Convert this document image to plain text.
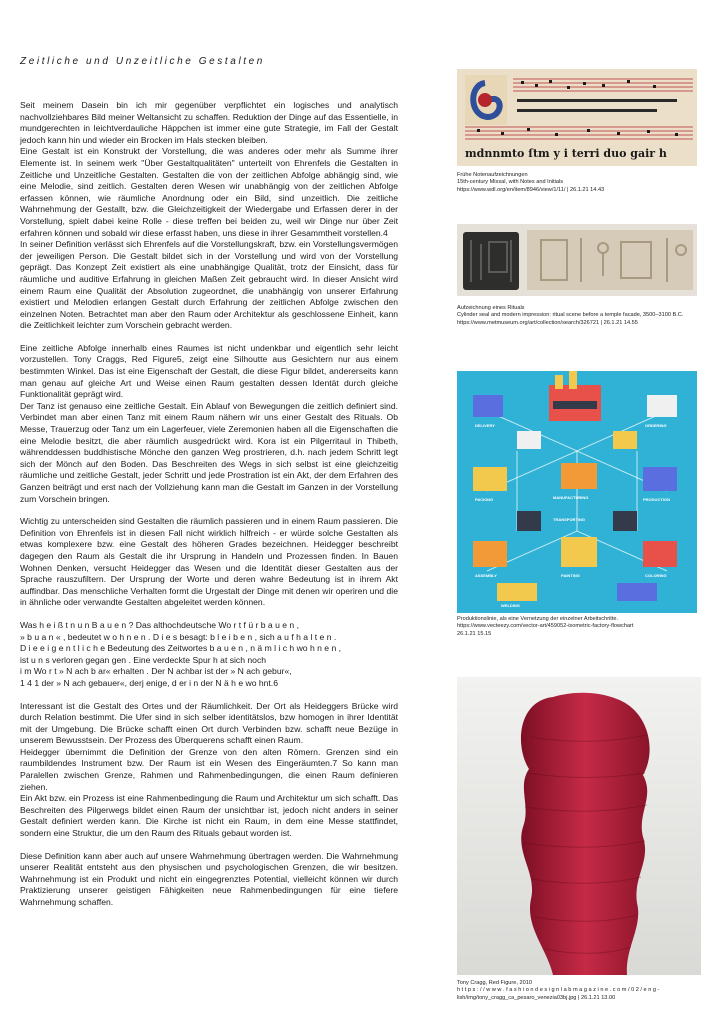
Zeitliche und Unzeitliche Gestalten

Seit meinem Dasein bin ich mir gegenüber verpflichtet ein logisches und analytisch nachvollziehbares Bild meiner Weltansicht zu schaffen. Reduktion der Dinge auf das Essentielle, in mundgerechten in leichtverdauliche Häppchen ist immer eine gute Strategie, im Fall der Gestalt jedoch kann hin und wieder ein Brocken im Hals stecken bleiben.

Eine Gestalt ist ein Konstrukt der Vorstellung, die was anderes oder mehr als Summe ihrer Elemente ist. In seinem werk "Über Gestaltqualitäten" unterteilt von Ehrenfels die Gestalten in Zeitliche und Unzeitliche Gestalten. Gestalten die von der zeitlichen Abfolge abhängig sind, wie eine Melodie, sind zeitlich. Gestalten deren Wesen wir unabhängig von der zeitlichen Abfolge erfassen können, wie räumliche Anordnung oder ein Bild, sind unzeitlich. Die zeitliche Wahrnehmung der Gestallt, bzw. die Gleichzeitigkeit der Wiedergabe und Erfassen derer in der Vorstellung, spielt dabei keine Rolle - diese treffen bei beiden zu, weil wir Dinge nur über Zeit erfahren können und sobald wir diese erfasst haben, uns diese in ihrer Gesammtheit vorstellen.4

In seiner Definition verlässt sich Ehrenfels auf die Vorstellungskraft, bzw. ein Vorstellungsvermögen der jeweiligen Person. Die Gestalt bildet sich in der Vorstellung und wird von der Vorstellung geprägt. Das Konzept Zeit existiert als eine unabhängige Qualität, trotz der Einsicht, dass für räumliche und auditive Erfahrung in gleichen Maßen Zeit gebraucht wird. In dieser Ansicht wird einem Raum eine Qualität der Absolution zugeordnet, die unabhängig von unserer Erfahrung existiert und Melodien erlangen Gestalt durch Erfahrung der zeitlichen Abfolge zwischen den einzelnen Noten. Betrachtet man aber den Raum oder Architektur als geschlossene Einheit, kann die Zeitlichkeit leichter zum Vorschein gebracht werden.

Eine zeitliche Abfolge innerhalb eines Raumes ist nicht undenkbar und eigentlich sehr leicht vorzustellen. Tony Craggs, Red Figure5, zeigt eine Silhoutte aus Gesichtern nur aus einem bestimmten Winkel. Das ist eine Eigenschaft der Gestalt, die diese Figur bildet, andererseits kann man genau auf gleiche Art und Weise einen Raum gestalten dessen Identät durch gleiche Funktionalität geprägt wird.

Der Tanz ist genauso eine zeitliche Gestalt. Ein Ablauf von Bewegungen die zeitlich definiert sind. Verbindet man aber einen Tanz mit einem Raum nähern wir uns einer Gestalt des Rituals. Ob Messe, Trauerzug oder Tanz um ein Lagerfeuer, viele Zeremonien haben all die Eigenschaften die eine Melodie besitzt, die aber räumlich ausgedrückt wird. Kora ist ein Pilgerritaul in Thibeth, währenddessen buddhistische Mönche den ganzen Weg prostrieren, d.h. nach jedem Schritt legt sich der Mönch auf den Boden. Das Beschreiten des Wegs in sich selbst ist eine gleichzeitig räumliche und zeitliche Gestalt, jeder Schritt und jede Prostration ist ein Akt, der dem Erfahren des Ganzen beiträgt und erst nach der Vollziehung kann man die Gestalt im Ganzen in der Vorstellung zum Vorschein bringen.

Wichtig zu unterscheiden sind Gestalten die räumlich passieren und in einem Raum passieren. Die Definition von Ehrenfels ist in diesen Fall nicht wirklich hilfreich - er würde solche Gestalten als etwas komplexere bzw. eine Gestalt des höheren Grades bezeichnen. Heidegger beschreibt dagegen den Raum als Gestalt die ihr Ursprung in Handeln und Prozessen finden. In Bauen Wohnen Denken, versucht Heidegger das Wesen und die Identität dieser Gestalten aus der Sprache rauszufiltern. Der Ursprung der Worte und deren wahre Bedeutung ist in ihrem Akt auffindbar. Das menschliche Verhalten formt die Urgestalt der Dinge mit denen wir operiren und die in ähnliche oder verwandte Gestalten abgeleitet werden können.

Was h e i ß t n u n B a u e n ? Das althochdeutsche Wo r t f ü r b a u e n ,

» b u a n « , bedeutet w o h n e n . D i e s besagt: b l e i b e n , sich a u f h a l t e n .

D i e e i g e n t l i c h e Bedeutung des Zeitwortes b a u e n , n ä m l i c h wo h n e n ,

ist u n s verloren gegan gen . Eine verdeckte Spur h at sich noch

i m Wo r t » N ach b ar« erhalten . Der N achbar ist der » N ach gebur«,

1 4 1 der » N ach gebauer«, derj enige, d er i n der N ä h e wo hnt.6

Interessant ist die Gestalt des Ortes und der Räumlichkeit. Der Ort als Heideggers Brücke wird durch Relation bestimmt. Die Ufer sind in sich selber identitätslos, bzw homogen in ihrer Identität mit der Umgebung. Die Brücke schafft einen Ort durch Verbinden bzw. schafft neue Bezüge in unserem Bewusstsein. Der Prozess des Überquerens schafft einen Raum.

Heidegger übernimmt die Definition der Grenze von den alten Römern. Grenzen sind ein raumbildendes Instrument bzw. Der Raum ist ein Wesen des Eingeräumten.7 So kann man Paralellen zwischen Grenze, Rahmen und Rahmenbedingungen, die einen Raum definieren ziehen.

Ein Akt bzw. ein Prozess ist eine Rahmenbedingung die Raum und Architektur um sich schafft. Das Beschreiten des Pilgerwegs bildet einen Raum der unsichtbar ist, jedoch nicht anders in seiner Gestalt definiert werden kann. Die Kirche ist nicht ein Raum, in dem eine Messe stattfindet, sondern eine Struktur, die um den Raum des Rituals gebaut worden ist.

Diese Definition kann aber auch auf unsere Wahrnehmung übertragen werden. Die Wahrnehmung unserer Realität entsteht aus den physischen und psychologischen Grenzen, die wir besitzen. Wahrnehmung ist ein Produkt und nicht ein eingegrenztes Potential, vielleicht können wir durch Praktizierung unserer geistigen Fähigkeiten neue Rahmenbedingungen für eine tiefere Wahrnehmung schaffen.

mdnnmto ſtm y i terri duo gair h
Frühe Notenaufzeichnungen
15th-century Missal, with Notes and Initials
https://www.wdl.org/en/item/8946/view/1/11/ | 26.1.21 14.43
Aufzeichnung eines Rituals
Cylinder seal and modern impression: ritual scene before a temple facade, 3500–3100 B.C.
https://www.metmuseum.org/art/collection/search/326721 | 26.1.21 14.55
DELIVERY	ORDERING
PACKING	MANUFACTURING	PRODUCTION
ASSEMBLY	PAINTING	COLORING
TRANSPORTING
WELDING
Produktionslinie, als eine Vernetzung der einzelner Arbeitschritte.
https://www.vecteezy.com/vector-art/459052-isometric-factory-flowchart
26.1.21 15.15
Tony Cragg, Red Figure, 2010
h t t p s : / / w w w . f a s h i o n d e s i g n l a b m a g a z i n e . c o m / 0 2 / e n g -
lish/img/tony_cragg_ca_pesaro_venezia03bj.jpg | 26.1.21 13.00
